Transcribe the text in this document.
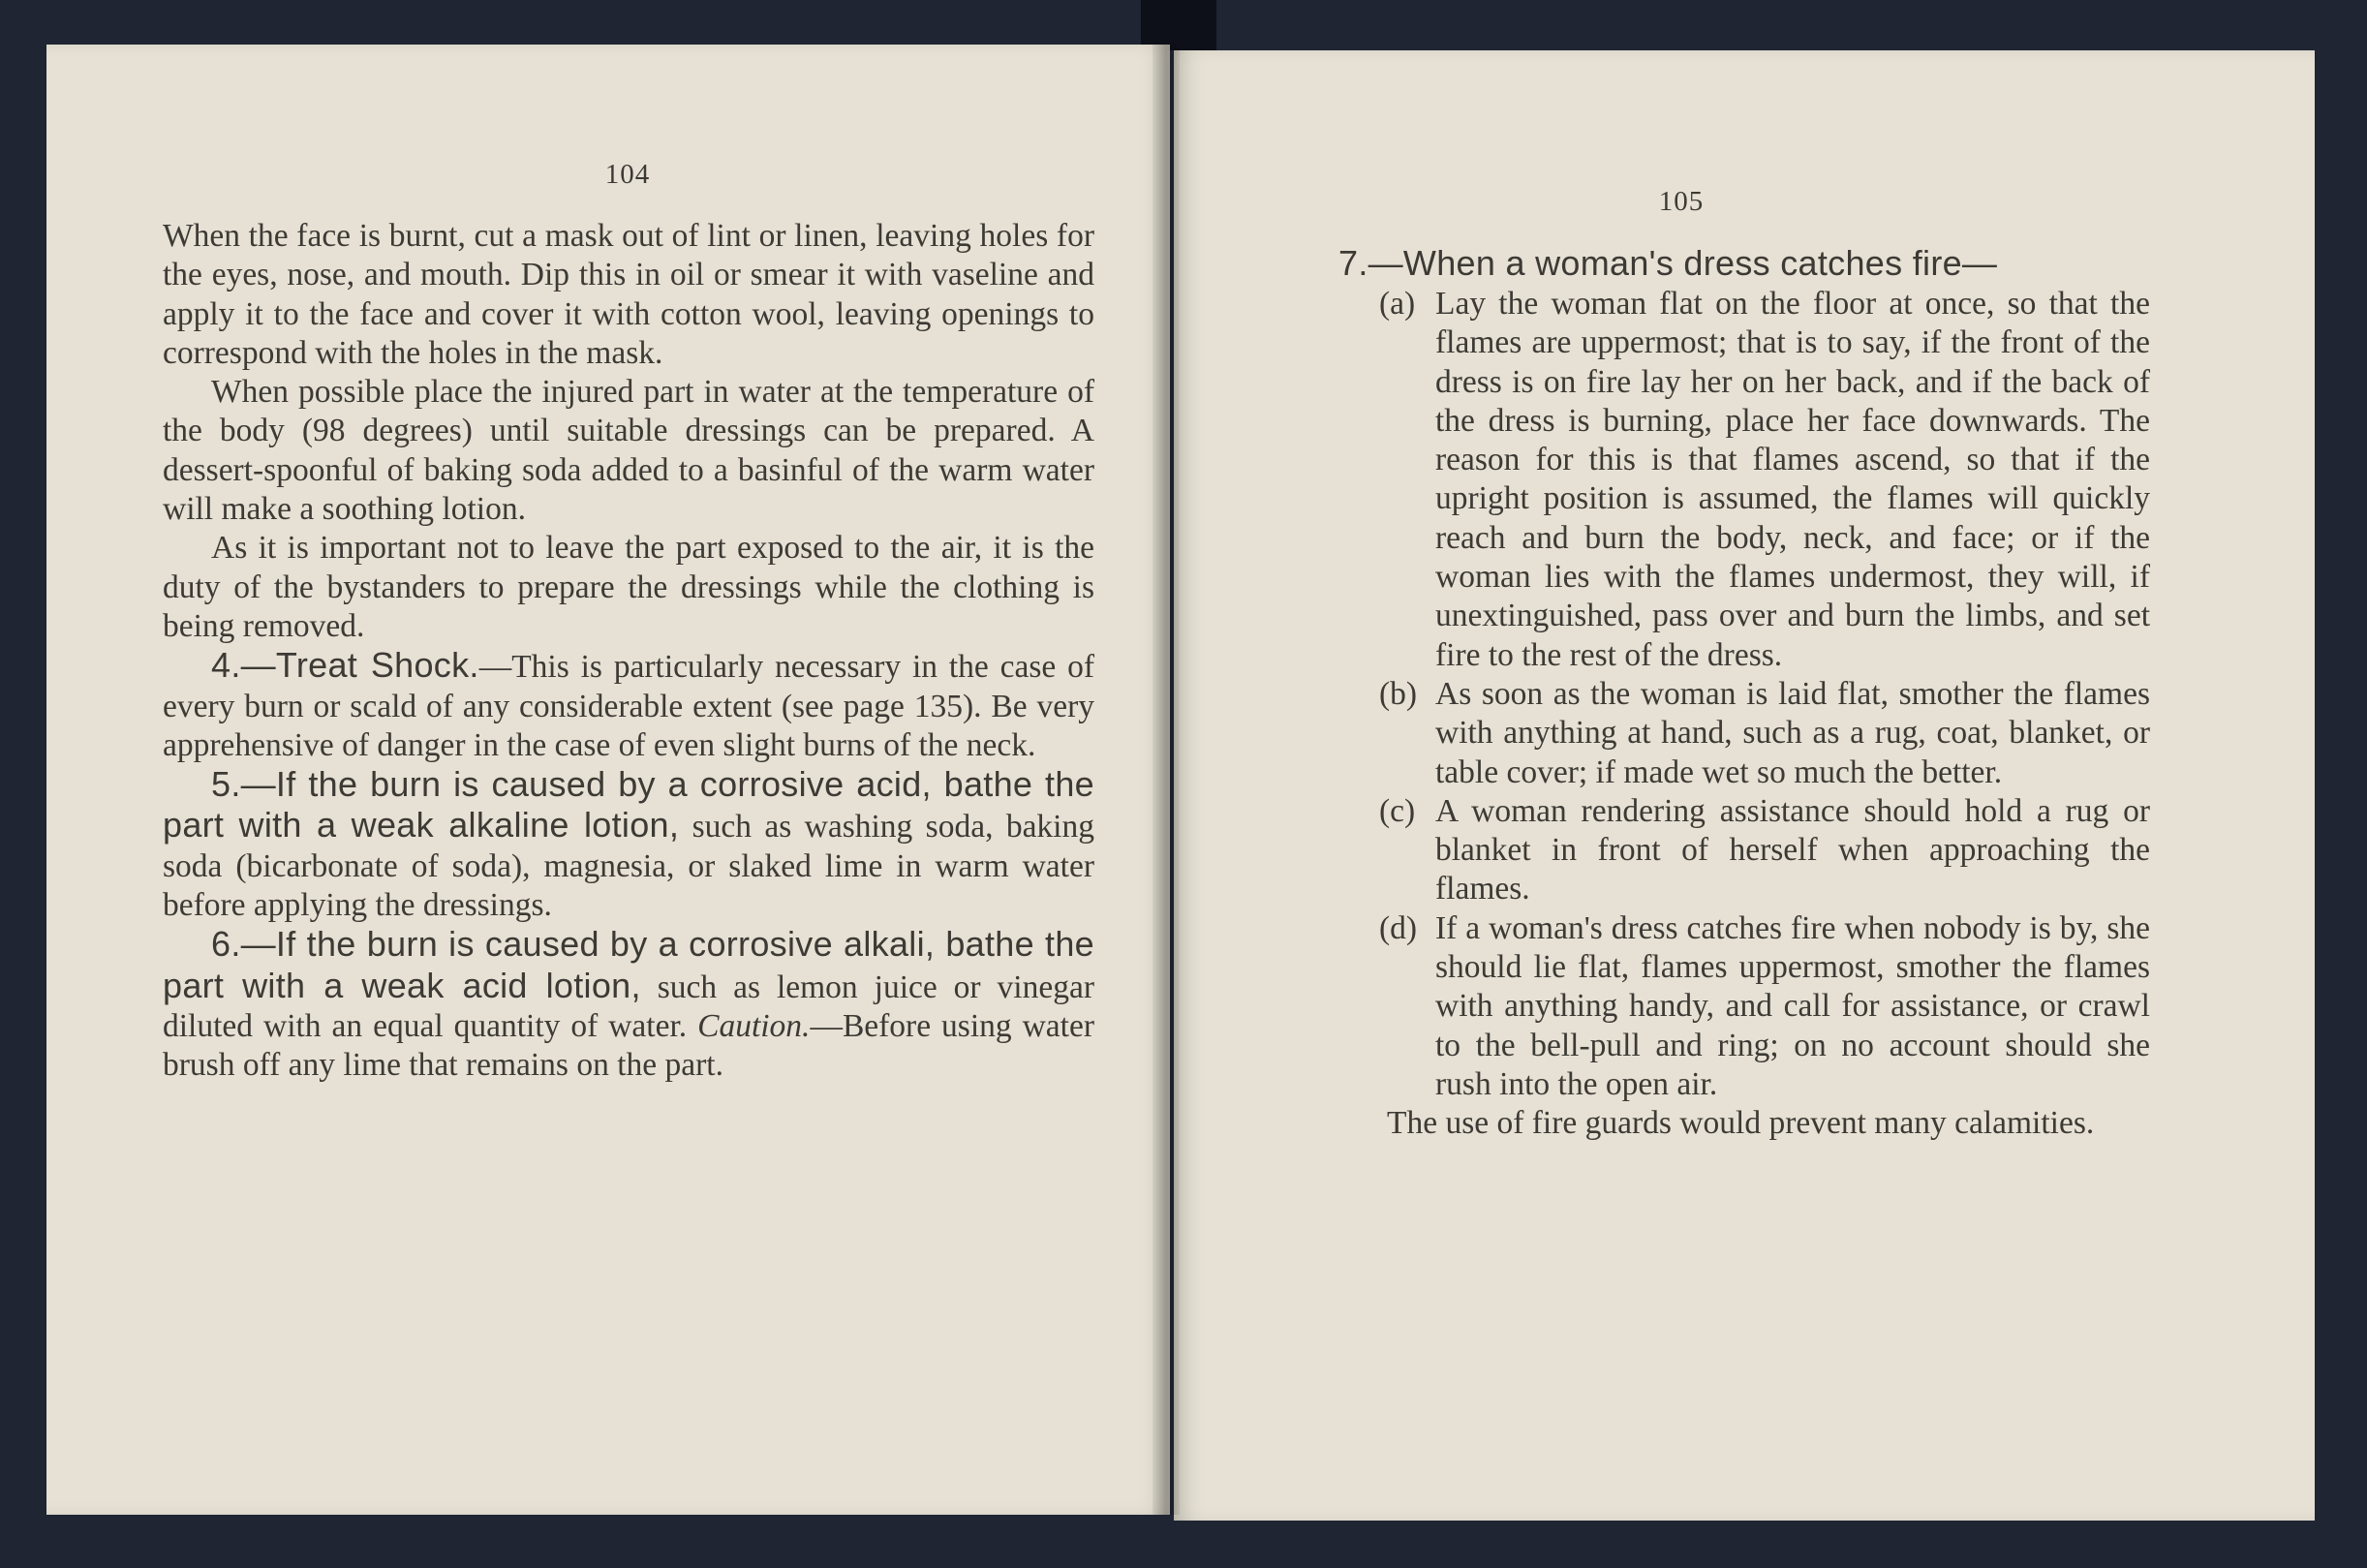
104

When the face is burnt, cut a mask out of lint or linen, leaving holes for the eyes, nose, and mouth. Dip this in oil or smear it with vaseline and apply it to the face and cover it with cotton wool, leaving openings to correspond with the holes in the mask.

When possible place the injured part in water at the temperature of the body (98 degrees) until suitable dressings can be prepared. A dessert-spoonful of baking soda added to a basinful of the warm water will make a soothing lotion.

As it is important not to leave the part exposed to the air, it is the duty of the bystanders to prepare the dressings while the clothing is being removed.

4.—Treat Shock.—This is particularly necessary in the case of every burn or scald of any considerable extent (see page 135). Be very apprehensive of danger in the case of even slight burns of the neck.

5.—If the burn is caused by a corrosive acid, bathe the part with a weak alkaline lotion, such as washing soda, baking soda (bicarbonate of soda), magnesia, or slaked lime in warm water before applying the dressings.

6.—If the burn is caused by a corrosive alkali, bathe the part with a weak acid lotion, such as lemon juice or vinegar diluted with an equal quantity of water. Caution.—Before using water brush off any lime that remains on the part.

105

7.—When a woman's dress catches fire—

(a) Lay the woman flat on the floor at once, so that the flames are uppermost; that is to say, if the front of the dress is on fire lay her on her back, and if the back of the dress is burning, place her face downwards. The reason for this is that flames ascend, so that if the upright position is assumed, the flames will quickly reach and burn the body, neck, and face; or if the woman lies with the flames undermost, they will, if unextinguished, pass over and burn the limbs, and set fire to the rest of the dress.

(b) As soon as the woman is laid flat, smother the flames with anything at hand, such as a rug, coat, blanket, or table cover; if made wet so much the better.

(c) A woman rendering assistance should hold a rug or blanket in front of herself when approaching the flames.

(d) If a woman's dress catches fire when nobody is by, she should lie flat, flames uppermost, smother the flames with anything handy, and call for assistance, or crawl to the bell-pull and ring; on no account should she rush into the open air.

The use of fire guards would prevent many calamities.
